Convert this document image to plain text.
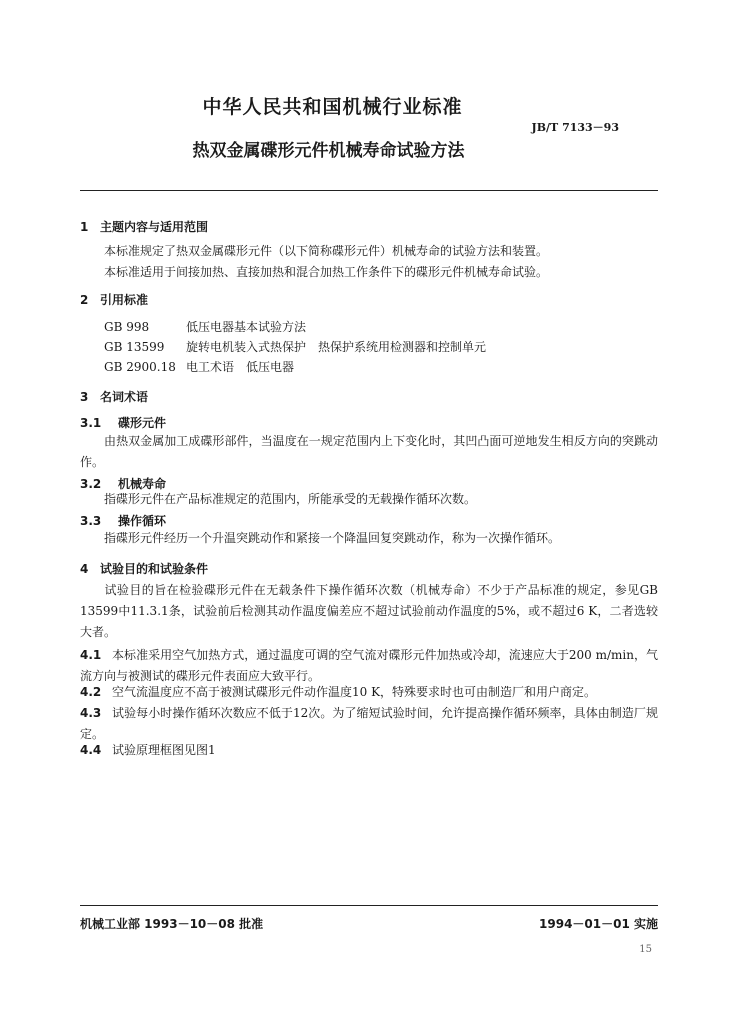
中华人民共和国机械行业标准
JB/T 7133－93
热双金属碟形元件机械寿命试验方法
1 主题内容与适用范围
本标准规定了热双金属碟形元件（以下简称碟形元件）机械寿命的试验方法和装置。
本标准适用于间接加热、直接加热和混合加热工作条件下的碟形元件机械寿命试验。
2 引用标准
GB 998	低压电器基本试验方法
GB 13599 旋转电机装入式热保护　热保护系统用检测器和控制单元
GB 2900.18 电工术语　低压电器
3 名词术语
3.1 碟形元件
由热双金属加工成碟形部件，当温度在一规定范围内上下变化时，其凹凸面可逆地发生相反方向的突跳动作。
3.2 机械寿命
指碟形元件在产品标准规定的范围内，所能承受的无载操作循环次数。
3.3 操作循环
指碟形元件经历一个升温突跳动作和紧接一个降温回复突跳动作，称为一次操作循环。
4 试验目的和试验条件
试验目的旨在检验碟形元件在无载条件下操作循环次数（机械寿命）不少于产品标准的规定，参见GB 13599中11.3.1条，试验前后检测其动作温度偏差应不超过试验前动作温度的5%，或不超过6 K，二者选较大者。
4.1 本标准采用空气加热方式，通过温度可调的空气流对碟形元件加热或冷却，流速应大于200 m/min，气流方向与被测试的碟形元件表面应大致平行。
4.2 空气流温度应不高于被测试碟形元件动作温度10 K，特殊要求时也可由制造厂和用户商定。
4.3 试验每小时操作循环次数应不低于12次。为了缩短试验时间，允许提高操作循环频率，具体由制造厂规定。
4.4 试验原理框图见图1
机械工业部 1993－10－08 批准	1994－01－01 实施
15
